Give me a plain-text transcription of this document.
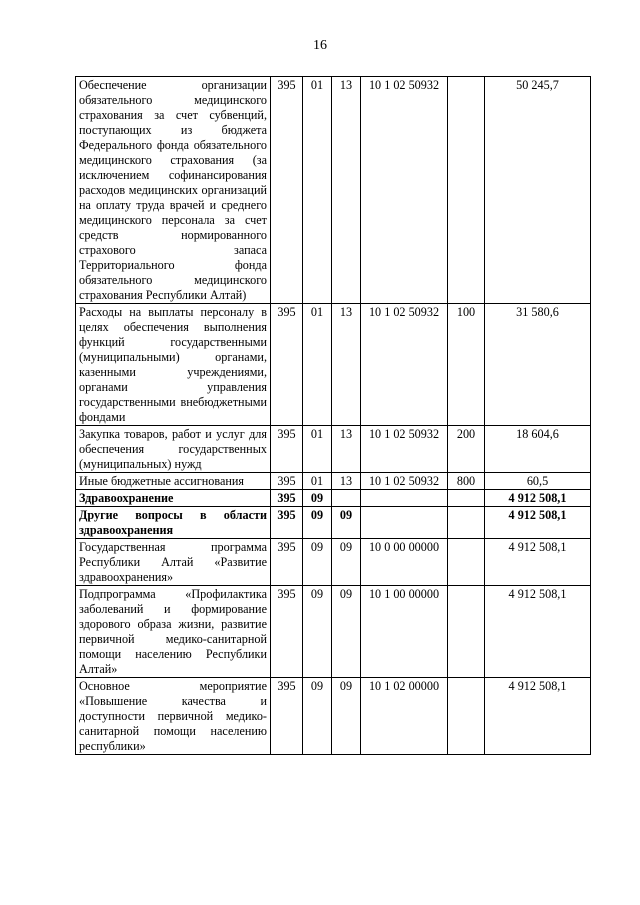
16
Обеспечение организации обязательного медицинского страхования за счет субвенций, поступающих из бюджета Федерального фонда обязательного медицинского страхования (за исключением софинансирования расходов медицинских организаций на оплату труда врачей и среднего медицинского персонала за счет средств нормированного страхового запаса Территориального фонда обязательного медицинского страхования Республики Алтай)	395	01	13	10 1 02 50932		50 245,7
Расходы на выплаты персоналу в целях обеспечения выполнения функций государственными (муниципальными) органами, казенными учреждениями, органами управления государственными внебюджетными фондами	395	01	13	10 1 02 50932	100	31 580,6
Закупка товаров, работ и услуг для обеспечения государственных (муниципальных) нужд	395	01	13	10 1 02 50932	200	18 604,6
Иные бюджетные ассигнования	395	01	13	10 1 02 50932	800	60,5
Здравоохранение	395	09				4 912 508,1
Другие вопросы в области здравоохранения	395	09	09			4 912 508,1
Государственная программа Республики Алтай «Развитие здравоохранения»	395	09	09	10 0 00 00000		4 912 508,1
Подпрограмма «Профилактика заболеваний и формирование здорового образа жизни, развитие первичной медико-санитарной помощи населению Республики Алтай»	395	09	09	10 1 00 00000		4 912 508,1
Основное мероприятие «Повышение качества и доступности первичной медико-санитарной помощи населению республики»	395	09	09	10 1 02 00000		4 912 508,1
